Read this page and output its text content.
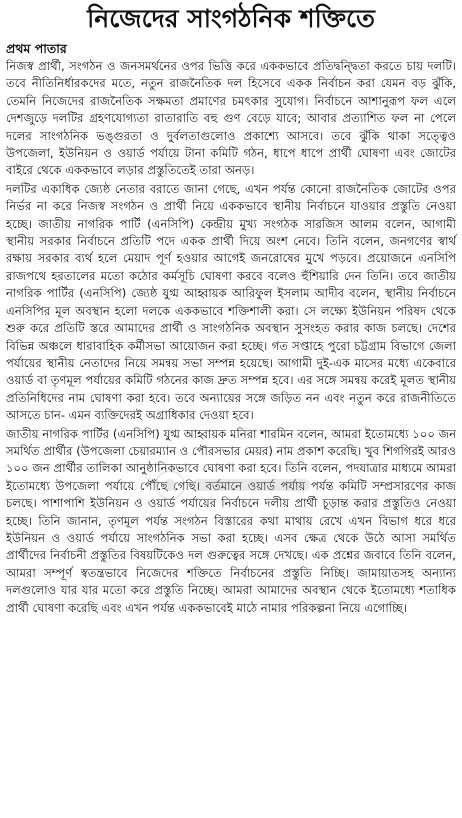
নিজেদের সাংগঠনিক শক্তিতে

প্রথম পাতার

নিজস্ব প্রার্থী, সংগঠন ও জনসমর্থনের ওপর ভিত্তি করে এককভাবে প্রতিদ্বন্দ্বিতা করতে চায় দলটি। তবে নীতিনির্ধারকদের মতে, নতুন রাজনৈতিক দল হিসেবে একক নির্বাচন করা যেমন বড় ঝুঁকি, তেমনি নিজেদের রাজনৈতিক সক্ষমতা প্রমাণের চমৎকার সুযোগ। নির্বাচনে আশানুরূপ ফল এলে দেশজুড়ে দলটির গ্রহণযোগ্যতা রাতারাতি বহু গুণ বেড়ে যাবে; আবার প্রত্যাশিত ফল না পেলে দলের সাংগঠনিক ভঙ্গুরতা ও দুর্বলতাগুলোও প্রকাশ্যে আসবে। তবে ঝুঁকি থাকা সত্ত্বেও উপজেলা, ইউনিয়ন ও ওয়ার্ড পর্যায়ে টানা কমিটি গঠন, ধাপে ধাপে প্রার্থী ঘোষণা এবং জোটের বাইরে থেকে এককভাবে লড়ার প্রস্তুতিতেই তারা অনড়।

দলটির একাধিক জ্যেষ্ঠ নেতার বরাতে জানা গেছে, এখন পর্যন্ত কোনো রাজনৈতিক জোটের ওপর নির্ভর না করে নিজস্ব সংগঠন ও প্রার্থী নিয়ে এককভাবে স্থানীয় নির্বাচনে যাওয়ার প্রস্তুতি নেওয়া হচ্ছে। জাতীয় নাগরিক পার্টি (এনসিপি) কেন্দ্রীয় মুখ্য সংগঠক সারজিস আলম বলেন, আগামী স্থানীয় সরকার নির্বাচনে প্রতিটি পদে একক প্রার্থী দিয়ে অংশ নেবে। তিনি বলেন, জনগণের স্বার্থ রক্ষায় সরকার ব্যর্থ হলে মেয়াদ পূর্ণ হওয়ার আগেই জনরোষের মুখে পড়বে। প্রয়োজনে এনসিপি রাজপথে হরতালের মতো কঠোর কর্মসূচি ঘোষণা করবে বলেও হুঁশিয়ারি দেন তিনি। তবে জাতীয় নাগরিক পার্টির (এনসিপি) জ্যেষ্ঠ যুগ্ম আহ্বায়ক আরিফুল ইসলাম আদীব বলেন, স্থানীয় নির্বাচনে এনসিপির মূল অবস্থান হলো দলকে এককভাবে শক্তিশালী করা। সে লক্ষ্যে ইউনিয়ন পরিষদ থেকে শুরু করে প্রতিটি স্তরে আমাদের প্রার্থী ও সাংগঠনিক অবস্থান সুসংহত করার কাজ চলছে। দেশের বিভিন্ন অঞ্চলে ধারাবাহিক কর্মীসভা আয়োজন করা হচ্ছে। গত সপ্তাহে পুরো চট্টগ্রাম বিভাগে জেলা পর্যায়ের স্থানীয় নেতাদের নিয়ে সমন্বয় সভা সম্পন্ন হয়েছে। আগামী দুই-এক মাসের মধ্যে একেবারে ওয়ার্ড বা তৃণমূল পর্যায়ের কমিটি গঠনের কাজ দ্রুত সম্পন্ন হবে। এর সঙ্গে সমন্বয় করেই মূলত স্থানীয় প্রতিনিধিদের নাম ঘোষণা করা হবে। তবে অন্যায়ের সঙ্গে জড়িত নন এবং নতুন করে রাজনীতিতে আসতে চান- এমন ব্যক্তিদেরই অগ্রাধিকার দেওয়া হবে।

জাতীয় নাগরিক পার্টির (এনসিপি) যুগ্ম আহ্বায়ক মনিরা শারমিন বলেন, আমরা ইতোমধ্যে ১০০ জন সমর্থিত প্রার্থীর (উপজেলা চেয়ারম্যান ও পৌরসভার মেয়র) নাম প্রকাশ করেছি। খুব শিগগিরই আরও ১০০ জন প্রার্থীর তালিকা আনুষ্ঠানিকভাবে ঘোষণা করা হবে। তিনি বলেন, পদযাত্রার মাধ্যমে আমরা ইতোমধ্যে উপজেলা পর্যায়ে পৌঁছে গেছি। বর্তমানে ওয়ার্ড পর্যায় পর্যন্ত কমিটি সম্প্রসারণের কাজ চলছে। পাশাপাশি ইউনিয়ন ও ওয়ার্ড পর্যায়ের নির্বাচনে দলীয় প্রার্থী চূড়ান্ত করার প্রস্তুতিও নেওয়া হচ্ছে। তিনি জানান, তৃণমূল পর্যন্ত সংগঠন বিস্তারের কথা মাথায় রেখে এখন বিভাগ ধরে ধরে ইউনিয়ন ও ওয়ার্ড পর্যায়ে সাংগঠনিক সভা করা হচ্ছে। এসব ক্ষেত্র থেকে উঠে আসা সমর্থিত প্রার্থীদের নির্বাচনী প্রস্তুতির বিষয়টিকেও দল গুরুত্বের সঙ্গে দেখছে। এক প্রশ্নের জবাবে তিনি বলেন, আমরা সম্পূর্ণ স্বতন্ত্রভাবে নিজেদের শক্তিতে নির্বাচনের প্রস্তুতি নিচ্ছি। জামায়াতসহ অন্যান্য দলগুলোও যার যার মতো করে প্রস্তুতি নিচ্ছে। আমরা আমাদের অবস্থান থেকে ইতোমধ্যে শতাধিক প্রার্থী ঘোষণা করেছি এবং এখন পর্যন্ত এককভাবেই মাঠে নামার পরিকল্পনা নিয়ে এগোচ্ছি।
